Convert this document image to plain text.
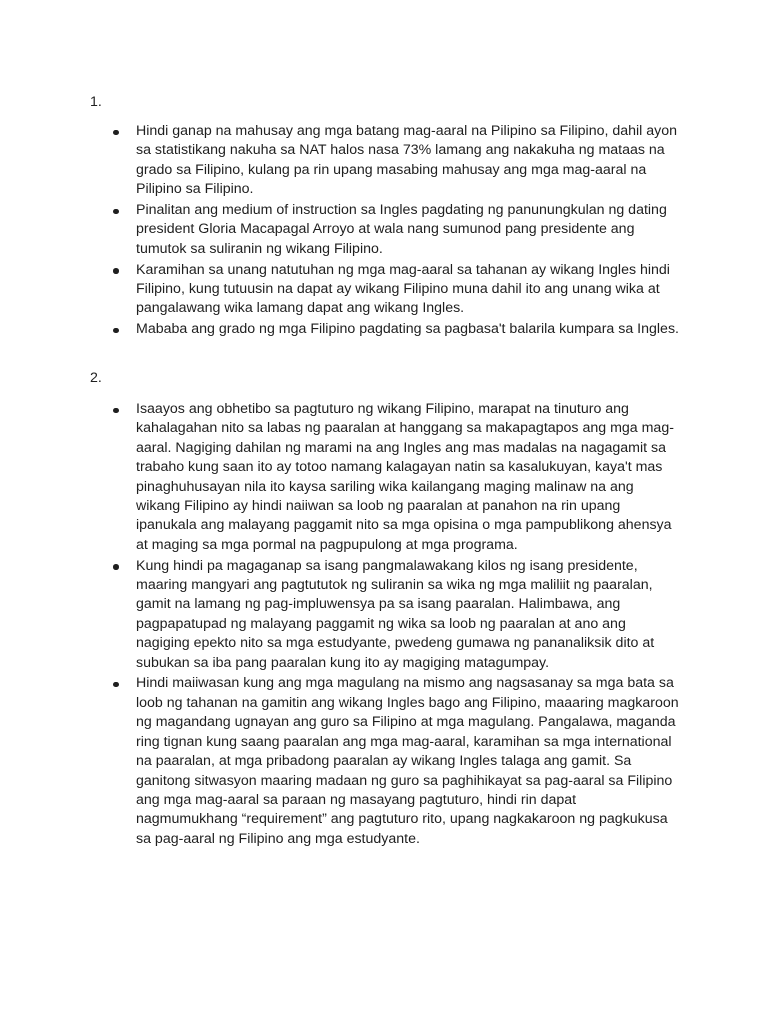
1.
Hindi ganap na mahusay ang mga batang mag-aaral na Pilipino sa Filipino, dahil ayon sa statistikang nakuha sa NAT halos nasa 73% lamang ang nakakuha ng mataas na grado sa Filipino, kulang pa rin upang masabing mahusay ang mga mag-aaral na Pilipino sa Filipino.
Pinalitan ang medium of instruction sa Ingles pagdating ng panunungkulan ng dating president Gloria Macapagal Arroyo at wala nang sumunod pang presidente ang tumutok sa suliranin ng wikang Filipino.
Karamihan sa unang natutuhan ng mga mag-aaral sa tahanan ay wikang Ingles hindi Filipino, kung tutuusin na dapat ay wikang Filipino muna dahil ito ang unang wika at pangalawang wika lamang dapat ang wikang Ingles.
Mababa ang grado ng mga Filipino pagdating sa pagbasa't balarila kumpara sa Ingles.
2.
Isaayos ang obhetibo sa pagtuturo ng wikang Filipino, marapat na tinuturo ang kahalagahan nito sa labas ng paaralan at hanggang sa makapagtapos ang mga mag-aaral. Nagiging dahilan ng marami na ang Ingles ang mas madalas na nagagamit sa trabaho kung saan ito ay totoo namang kalagayan natin sa kasalukuyan, kaya't mas pinaghuhusayan nila ito kaysa sariling wika kailangang maging malinaw na ang wikang Filipino ay hindi naiiwan sa loob ng paaralan at panahon na rin upang ipanukala ang malayang paggamit nito sa mga opisina o mga pampublikong ahensya at maging sa mga pormal na pagpupulong at mga programa.
Kung hindi pa magaganap sa isang pangmalawakang kilos ng isang presidente, maaring mangyari ang pagtututok ng suliranin sa wika ng mga maliliit ng paaralan, gamit na lamang ng pag-impluwensya pa sa isang paaralan. Halimbawa, ang pagpapatupad ng malayang paggamit ng wika sa loob ng paaralan at ano ang nagiging epekto nito sa mga estudyante, pwedeng gumawa ng pananaliksik dito at subukan sa iba pang paaralan kung ito ay magiging matagumpay.
Hindi maiiwasan kung ang mga magulang na mismo ang nagsasanay sa mga bata sa loob ng tahanan na gamitin ang wikang Ingles bago ang Filipino, maaaring magkaroon ng magandang ugnayan ang guro sa Filipino at mga magulang. Pangalawa, maganda ring tignan kung saang paaralan ang mga mag-aaral, karamihan sa mga international na paaralan, at mga pribadong paaralan ay wikang Ingles talaga ang gamit. Sa ganitong sitwasyon maaring madaan ng guro sa paghihikayat sa pag-aaral sa Filipino ang mga mag-aaral sa paraan ng masayang pagtuturo, hindi rin dapat nagmumukhang “requirement” ang pagtuturo rito, upang nagkakaroon ng pagkukusa sa pag-aaral ng Filipino ang mga estudyante.
